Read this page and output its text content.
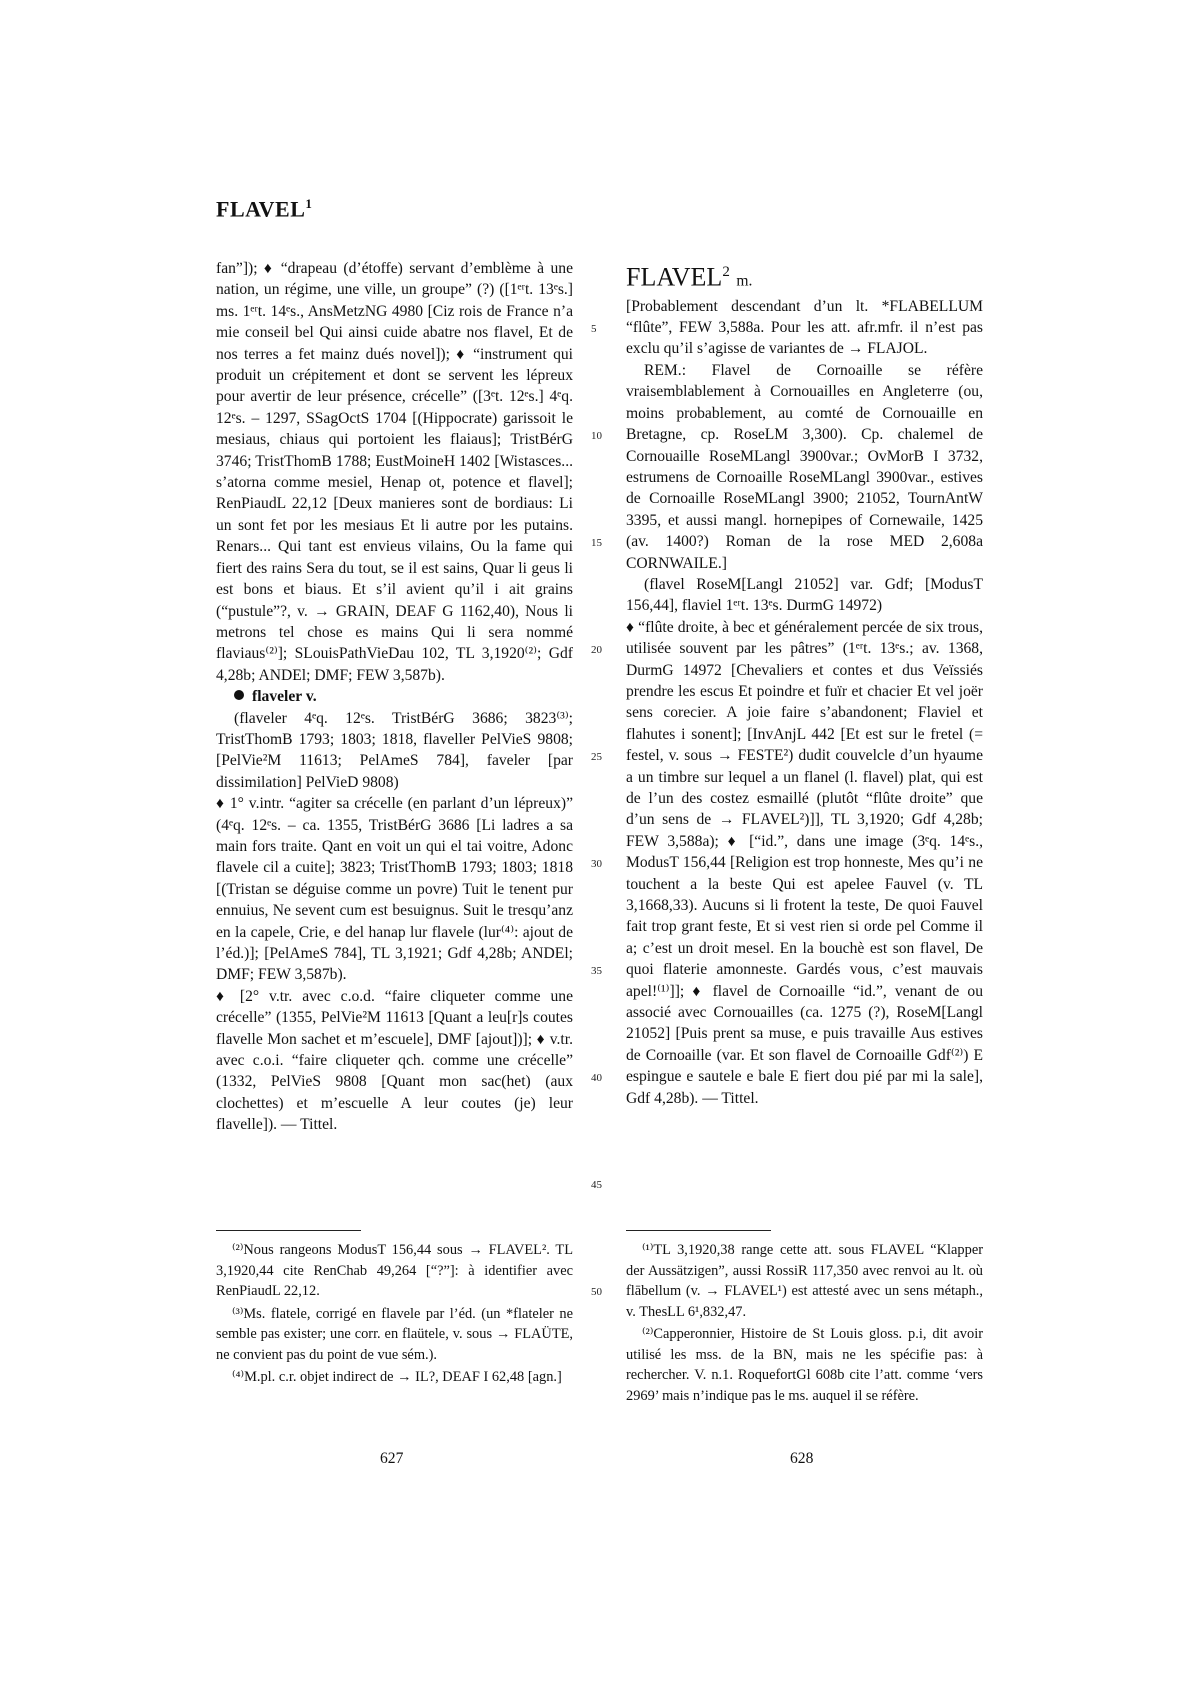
FLAVEL$^1$

fan”]); ♦ “drapeau (d’étoffe) servant d’emblème à une nation, un régime, une ville, un groupe” (?) ([1ᵉʳt. 13ᵉs.] ms. 1ᵉʳt. 14ᵉs., AnsMetzNG 4980 [Ciz rois de France n’a mie conseil bel Qui ainsi cuide abatre nos flavel, Et de nos terres a fet mainz dués novel]); ♦ “instrument qui produit un crépitement et dont se servent les lépreux pour avertir de leur présence, crécelle” ([3ᵉt. 12ᵉs.] 4ᵉq. 12ᵉs. – 1297, SSagOctS 1704 [(Hippocrate) garissoit le mesiaus, chiaus qui portoient les flaiaus]; TristBérG 3746; TristThomB 1788; EustMoineH 1402 [Wistasces... s’atorna comme mesiel, Henap ot, potence et flavel]; RenPiaudL 22,12 [Deux manieres sont de bordiaus: Li un sont fet por les mesiaus Et li autre por les putains. Renars... Qui tant est envieus vilains, Ou la fame qui fiert des rains Sera du tout, se il est sains, Quar li geus li est bons et biaus. Et s’il avient qu’il i ait grains (“pustule”?, v. → GRAIN, DEAF G 1162,40), Nous li metrons tel chose es mains Qui li sera nommé flaviaus⁽²⁾]; SLouisPathVieDau 102, TL 3,1920⁽²⁾; Gdf 4,28b; ANDEl; DMF; FEW 3,587b).

flaveler v.

(flaveler 4ᵉq. 12ᵉs. TristBérG 3686; 3823⁽³⁾; TristThomB 1793; 1803; 1818, flaveller PelVieS 9808; [PelVie²M 11613; PelAmeS 784], faveler [par dissimilation] PelVieD 9808)

♦ 1° v.intr. “agiter sa crécelle (en parlant d’un lépreux)” (4ᵉq. 12ᵉs. – ca. 1355, TristBérG 3686 [Li ladres a sa main fors traite. Qant en voit un qui el tai voitre, Adonc flavele cil a cuite]; 3823; TristThomB 1793; 1803; 1818 [(Tristan se déguise comme un povre) Tuit le tenent pur ennuius, Ne sevent cum est besuignus. Suit le tresqu’anz en la capele, Crie, e del hanap lur flavele (lur⁽⁴⁾: ajout de l’éd.)]; [PelAmeS 784], TL 3,1921; Gdf 4,28b; ANDEl; DMF; FEW 3,587b).

♦ [2° v.tr. avec c.o.d. “faire cliqueter comme une crécelle” (1355, PelVie²M 11613 [Quant a leu[r]s coutes flavelle Mon sachet et m’escuele], DMF [ajout])]; ♦ v.tr. avec c.o.i. “faire cliqueter qch. comme une crécelle” (1332, PelVieS 9808 [Quant mon sac(het) (aux clochettes) et m’escuelle A leur coutes (je) leur flavelle]). — Tittel.

5
10
15
20
25
30
35
40
45
50

FLAVEL$^2$ m.

[Probablement descendant d’un lt. *FLABELLUM “flûte”, FEW 3,588a. Pour les att. afr.mfr. il n’est pas exclu qu’il s’agisse de variantes de → FLAJOL.

REM.: Flavel de Cornoaille se réfère vraisemblablement à Cornouailles en Angleterre (ou, moins probablement, au comté de Cornouaille en Bretagne, cp. RoseLM 3,300). Cp. chalemel de Cornouaille RoseMLangl 3900var.; OvMorB I 3732, estrumens de Cornoaille RoseMLangl 3900var., estives de Cornoaille RoseMLangl 3900; 21052, TournAntW 3395, et aussi mangl. hornepipes of Cornewaile, 1425 (av. 1400?) Roman de la rose MED 2,608a CORNWAILE.]

(flavel RoseM[Langl 21052] var. Gdf; [ModusT 156,44], flaviel 1ᵉʳt. 13ᵉs. DurmG 14972)

♦ “flûte droite, à bec et généralement percée de six trous, utilisée souvent par les pâtres” (1ᵉʳt. 13ᵉs.; av. 1368, DurmG 14972 [Chevaliers et contes et dus Veïssiés prendre les escus Et poindre et fuïr et chacier Et vel joër sens corecier. A joie faire s’abandonent; Flaviel et flahutes i sonent]; [InvAnjL 442 [Et est sur le fretel (= festel, v. sous → FESTE²) dudit couvelcle d’un hyaume a un timbre sur lequel a un flanel (l. flavel) plat, qui est de l’un des costez esmaillé (plutôt “flûte droite” que d’un sens de → FLAVEL²)]], TL 3,1920; Gdf 4,28b; FEW 3,588a); ♦ [“id.”, dans une image (3ᵉq. 14ᵉs., ModusT 156,44 [Religion est trop honneste, Mes qu’i ne touchent a la beste Qui est apelee Fauvel (v. TL 3,1668,33). Aucuns si li frotent la teste, De quoi Fauvel fait trop grant feste, Et si vest rien si orde pel Comme il a; c’est un droit mesel. En la bouchè est son flavel, De quoi flaterie amonneste. Gardés vous, c’est mauvais apel!⁽¹⁾]]; ♦ flavel de Cornoaille “id.”, venant de ou associé avec Cornouailles (ca. 1275 (?), RoseM[Langl 21052] [Puis prent sa muse, e puis travaille Aus estives de Cornoaille (var. Et son flavel de Cornoaille Gdf⁽²⁾) E espingue e sautele e bale E fiert dou pié par mi la sale], Gdf 4,28b). — Tittel.

⁽²⁾Nous rangeons ModusT 156,44 sous → FLAVEL². TL 3,1920,44 cite RenChab 49,264 [“?”]: à identifier avec RenPiaudL 22,12.

⁽³⁾Ms. flatele, corrigé en flavele par l’éd. (un *flateler ne semble pas exister; une corr. en flaütele, v. sous → FLAÜTE, ne convient pas du point de vue sém.).

⁽⁴⁾M.pl. c.r. objet indirect de → IL?, DEAF I 62,48 [agn.]

⁽¹⁾TL 3,1920,38 range cette att. sous FLAVEL “Klapper der Aussätzigen”, aussi RossiR 117,350 avec renvoi au lt. où flābellum (v. → FLAVEL¹) est attesté avec un sens métaph., v. ThesLL 6¹,832,47.

⁽²⁾Capperonnier, Histoire de St Louis gloss. p.i, dit avoir utilisé les mss. de la BN, mais ne les spécifie pas: à rechercher. V. n.1. RoquefortGl 608b cite l’att. comme ‘vers 2969’ mais n’indique pas le ms. auquel il se réfère.

627	628
